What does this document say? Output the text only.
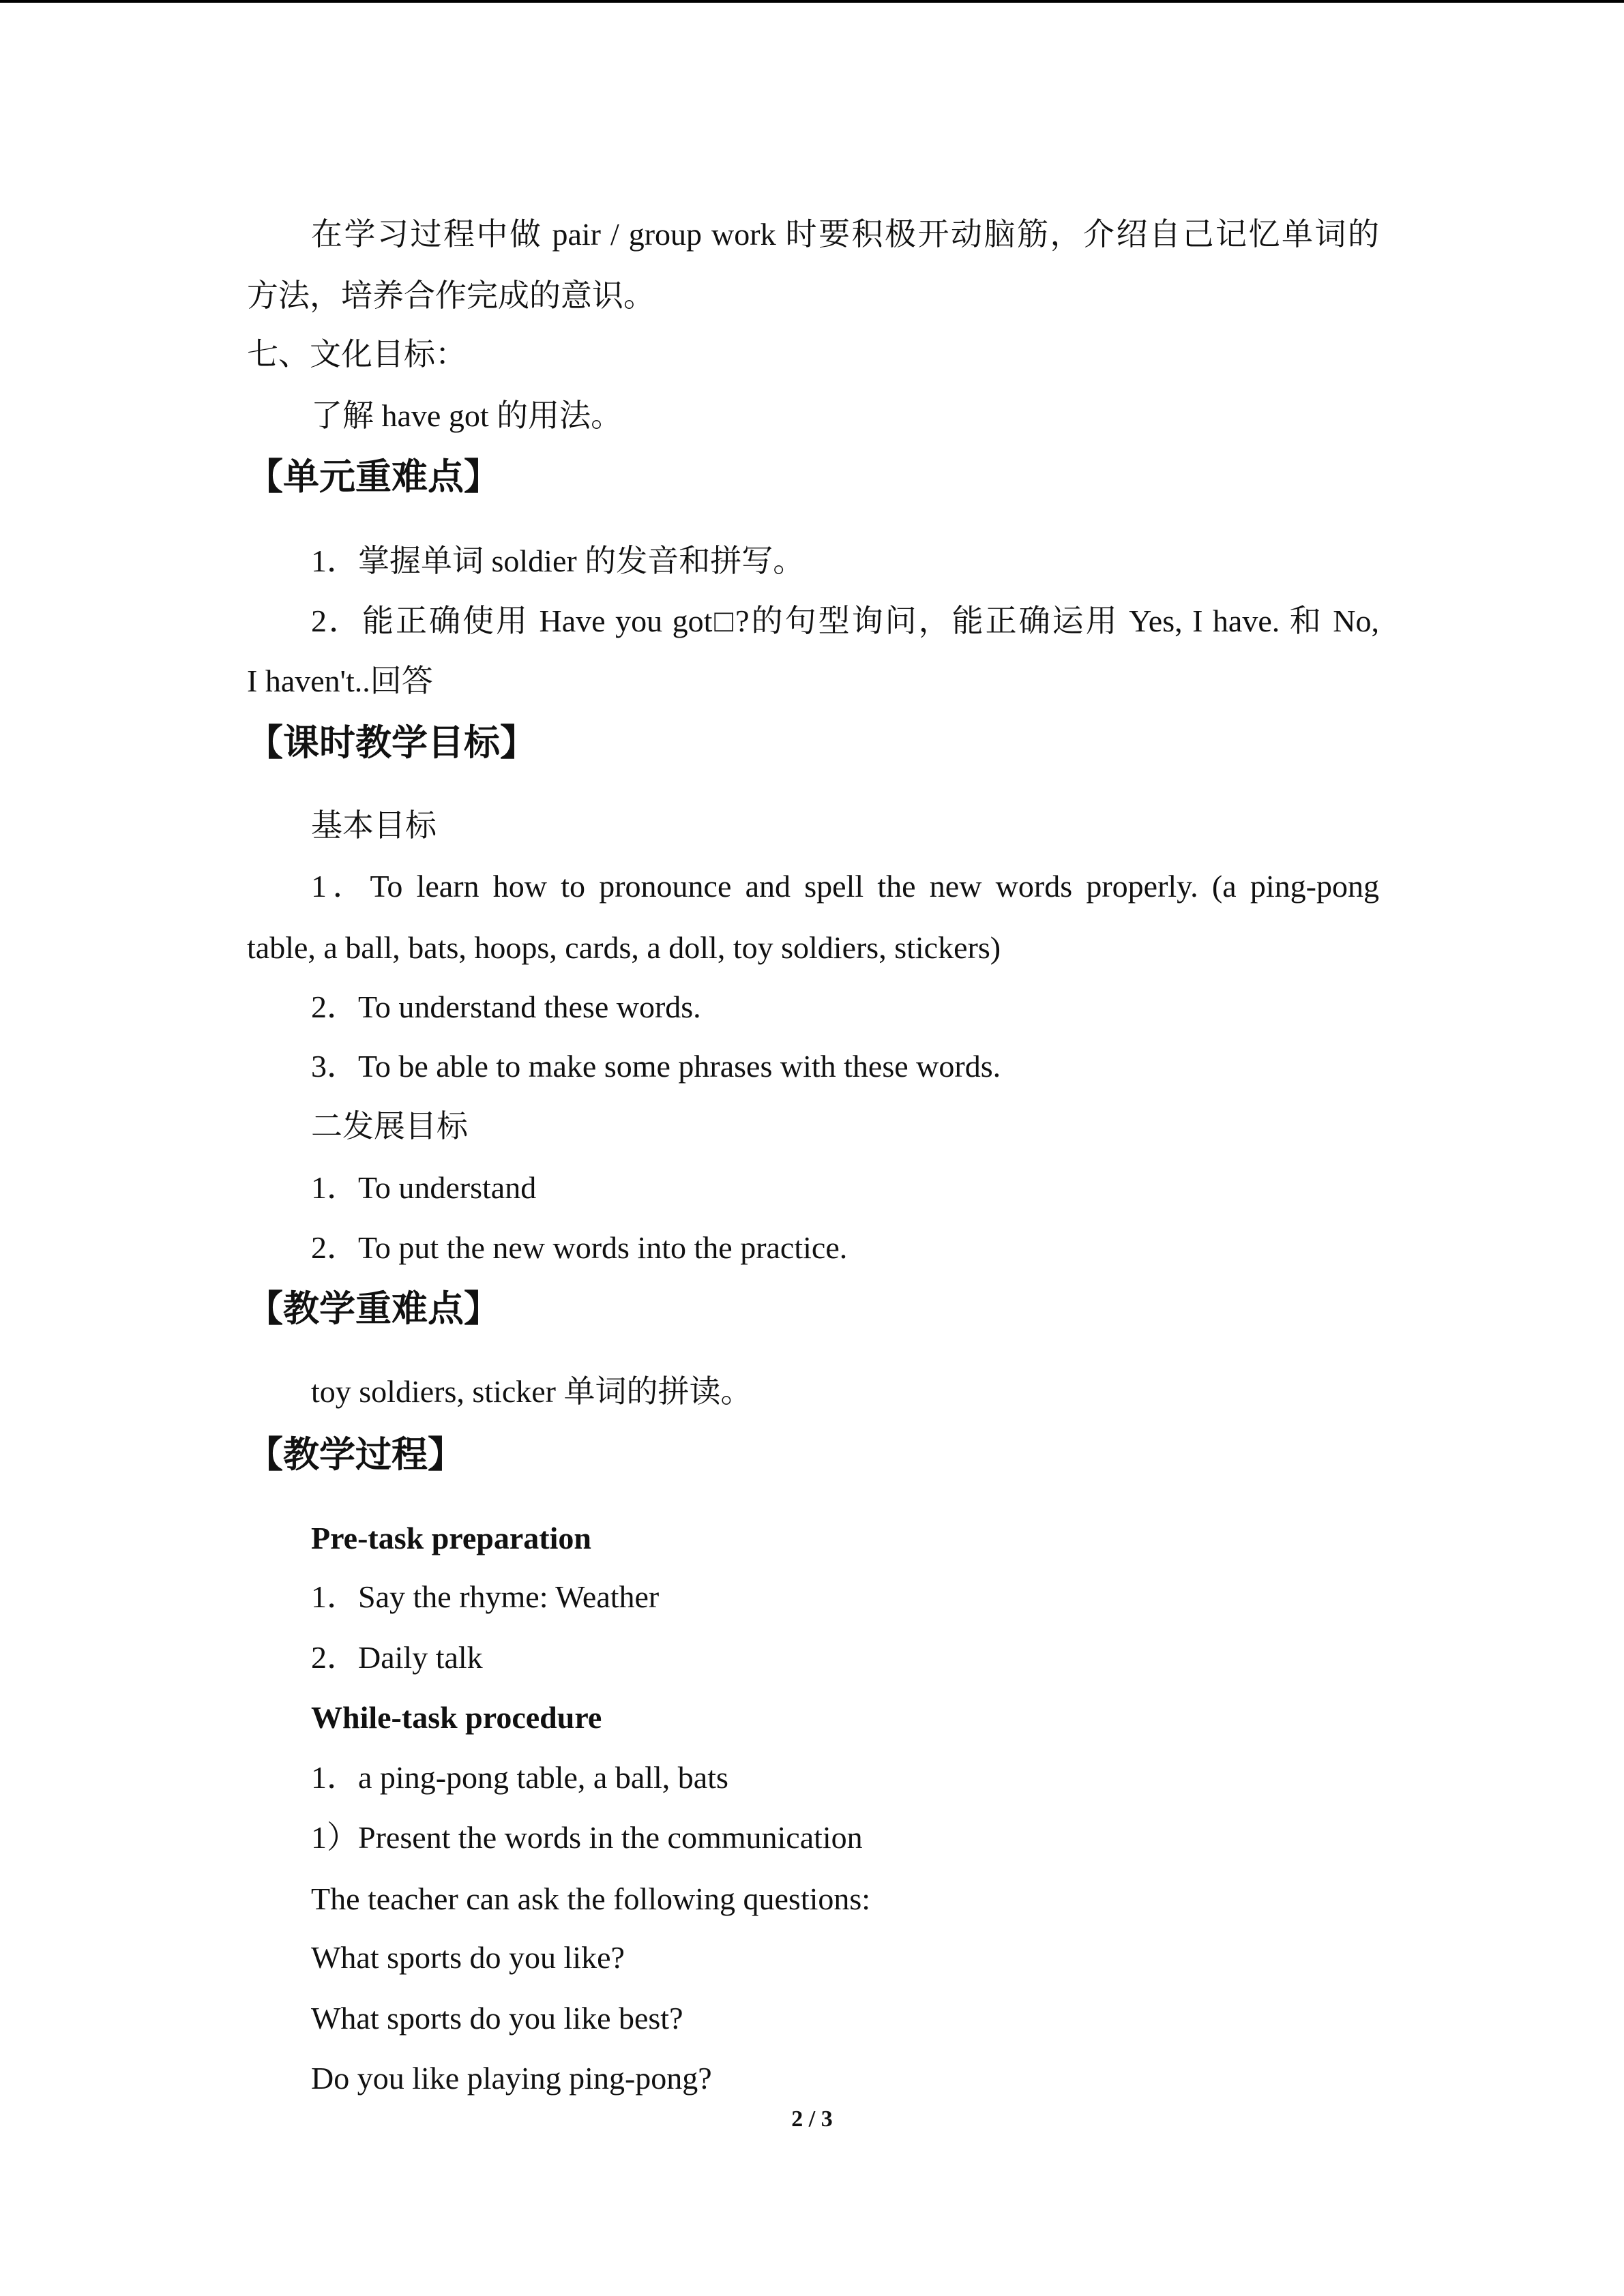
在学习过程中做 pair / group work 时要积极开动脑筋，介绍自己记忆单词的
方法，培养合作完成的意识。
七、文化目标：
了解 have got 的用法。
【单元重难点】
1．掌握单词 soldier 的发音和拼写。
2．能正确使用 Have you got□?的句型询问，能正确运用 Yes, I have. 和 No,
I haven't..回答
【课时教学目标】
基本目标
1．To learn how to pronounce and spell the new words properly. (a ping-pong
table, a ball, bats, hoops, cards, a doll, toy soldiers, stickers)
2．To understand these words.
3．To be able to make some phrases with these words.
二发展目标
1．To understand
2．To put the new words into the practice.
【教学重难点】
toy soldiers, sticker 单词的拼读。
【教学过程】
Pre-task preparation
1．Say the rhyme: Weather
2．Daily talk
While-task procedure
1．a ping-pong table, a ball, bats
1）Present the words in the communication
The teacher can ask the following questions:
What sports do you like?
What sports do you like best?
Do you like playing ping-pong?
2 / 3
